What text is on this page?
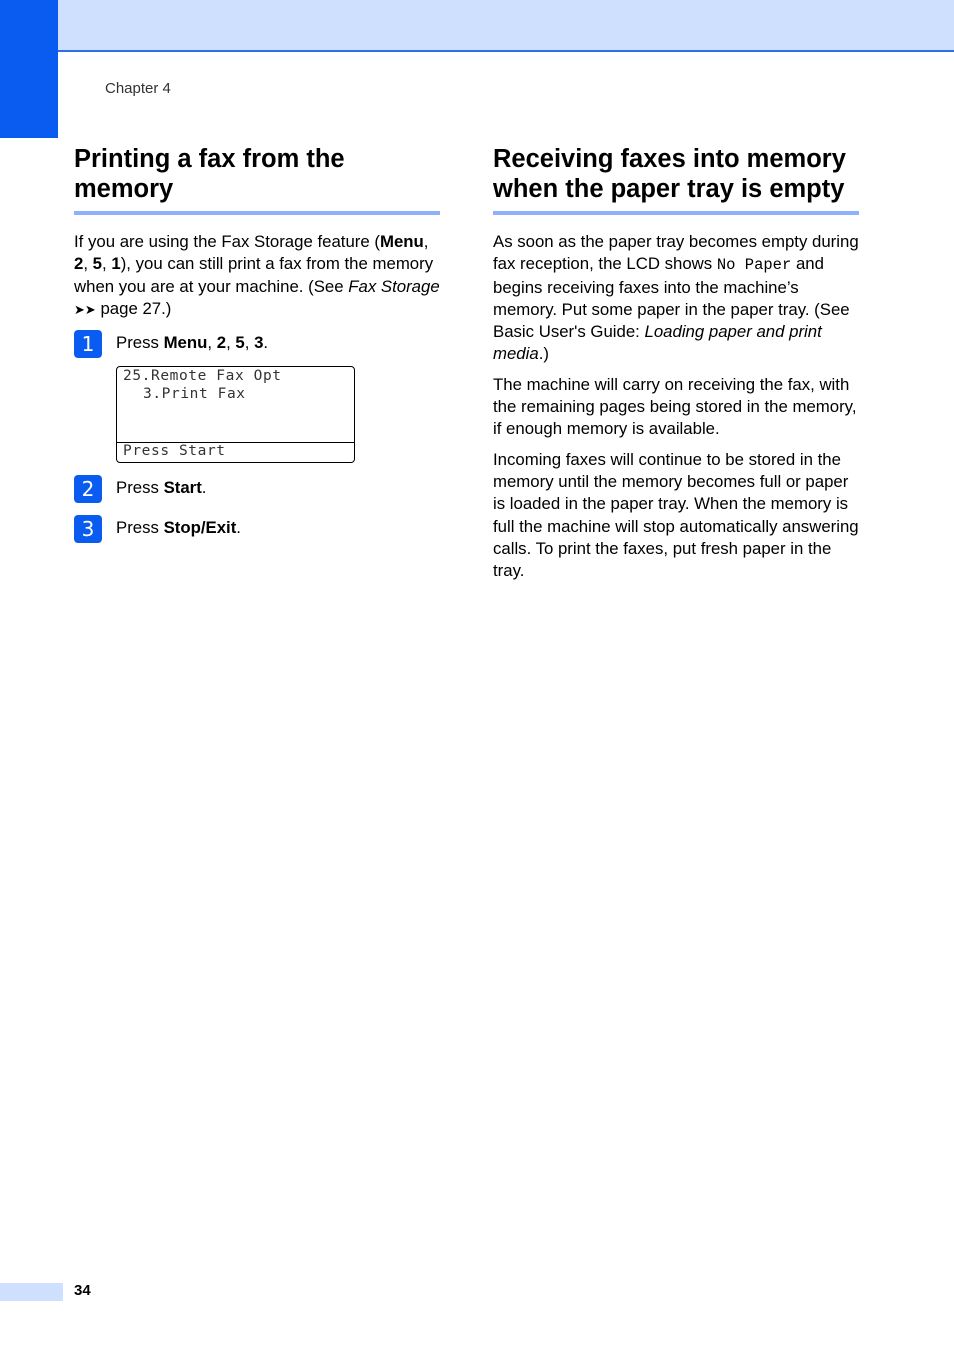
Chapter 4
Printing a fax from the memory

If you are using the Fax Storage feature (Menu, 2, 5, 1), you can still print a fax from the memory when you are at your machine. (See Fax Storage ➤➤ page 27.)

1	Press Menu, 2, 5, 3.
25.Remote Fax Opt
3.Print Fax
Press Start
2	Press Start.
3	Press Stop/Exit.
Receiving faxes into memory when the paper tray is empty

As soon as the paper tray becomes empty during fax reception, the LCD shows No Paper and begins receiving faxes into the machine’s memory. Put some paper in the paper tray. (See Basic User's Guide: Loading paper and print media.)

The machine will carry on receiving the fax, with the remaining pages being stored in the memory, if enough memory is available.

Incoming faxes will continue to be stored in the memory until the memory becomes full or paper is loaded in the paper tray. When the memory is full the machine will stop automatically answering calls. To print the faxes, put fresh paper in the tray.

34
